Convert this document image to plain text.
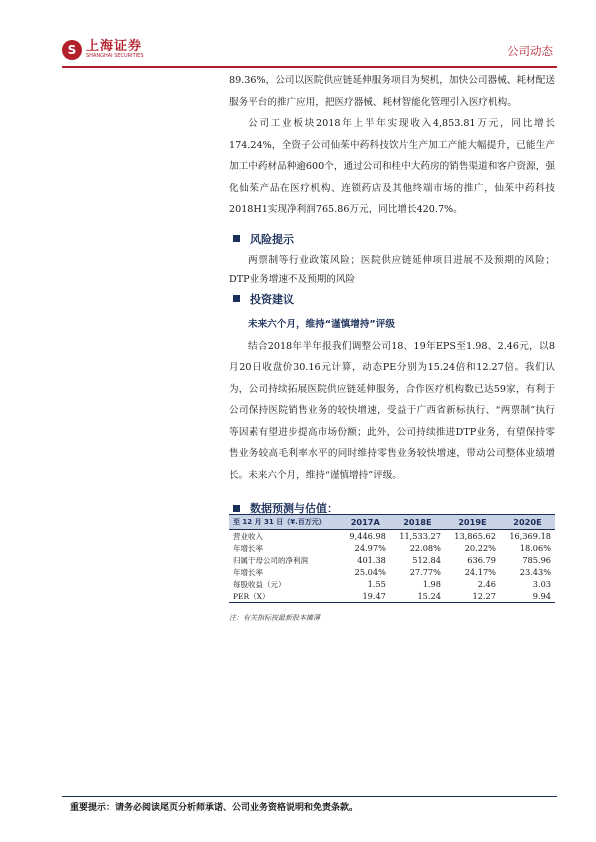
S 上海证券
SHANGHAI SECURITIES	公司动态

89.36%，公司以医院供应链延伸服务项目为契机，加快公司器械、耗材配送服务平台的推广应用，把医疗器械、耗材智能化管理引入医疗机构。

公司工业板块2018年上半年实现收入4,853.81万元，同比增长174.24%，全资子公司仙茱中药科技饮片生产加工产能大幅提升，已能生产加工中药材品种逾600个，通过公司和桂中大药房的销售渠道和客户资源，强化仙茱产品在医疗机构、连锁药店及其他终端市场的推广，仙茱中药科技2018H1实现净利润765.86万元，同比增长420.7%。

风险提示

两票制等行业政策风险；医院供应链延伸项目进展不及预期的风险；DTP业务增速不及预期的风险

投资建议
未来六个月，维持“谨慎增持”评级

结合2018年半年报我们调整公司18、19年EPS至1.98、2.46元，以8月20日收盘价30.16元计算，动态PE分别为15.24倍和12.27倍。我们认为，公司持续拓展医院供应链延伸服务，合作医疗机构数已达59家，有利于公司保持医院销售业务的较快增速，受益于广西省新标执行、“两票制”执行等因素有望进步提高市场份额；此外，公司持续推进DTP业务，有望保持零售业务较高毛利率水平的同时维持零售业务较快增速，带动公司整体业绩增长。未来六个月，维持“谨慎增持”评级。

数据预测与估值：
至 12 月 31 日（¥.百万元）	2017A	2018E	2019E	2020E
营业收入	9,446.98	11,533.27	13,865.62	16,369.18
年增长率	24.97%	22.08%	20.22%	18.06%
归属于母公司的净利润	401.38	512.84	636.79	785.96
年增长率	25.04%	27.77%	24.17%	23.43%
每股收益（元）	1.55	1.98	2.46	3.03
PER（X）	19.47	15.24	12.27	9.94
注：有关指标按最新股本摊薄
重要提示：请务必阅读尾页分析师承诺、公司业务资格说明和免责条款。
